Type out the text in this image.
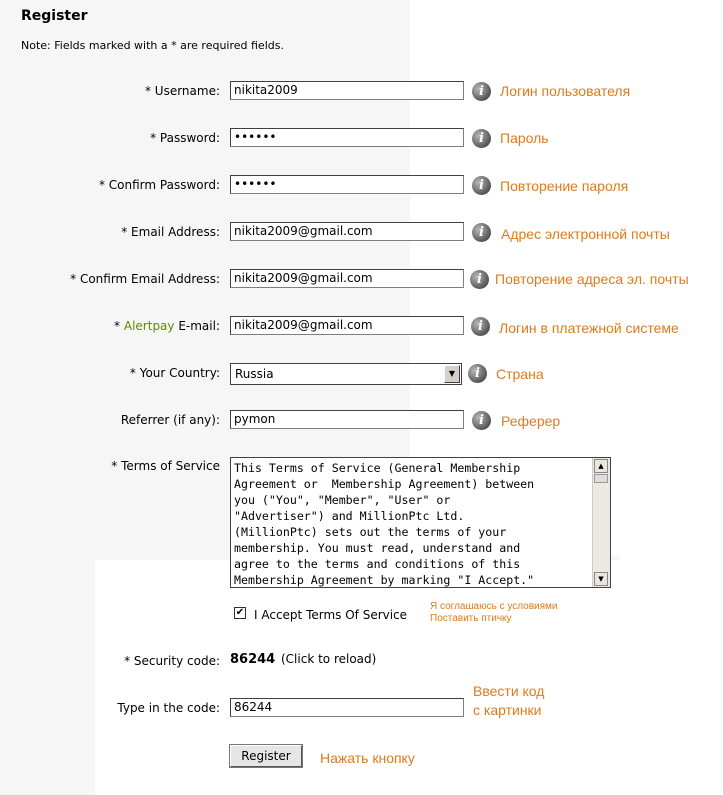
Register
Note: Fields marked with a * are required fields.
* Username:	nikita2009	i	Логин пользователя
* Password:	••••••	i	Пароль
* Confirm Password:	••••••	i	Повторение пароля
* Email Address:	nikita2009@gmail.com	i	Адрес электронной почты
* Confirm Email Address:	nikita2009@gmail.com	i Повторение адреса эл. почты
* Alertpay E-mail:	nikita2009@gmail.com	i	Логин в платежной системе
* Your Country: Russia	▼	i	Страна
Referrer (if any):	pymon	i	Реферер
* Terms of Service This Terms of Service (General Membership
Agreement or  Membership Agreement) between
you ("You", "Member", "User" or
"Advertiser") and MillionPtc Ltd.
(MillionPtc) sets out the terms of your
membership. You must read, understand and
agree to the terms and conditions of this
Membership Agreement by marking "I Accept."
▲
▼
✔ I Accept Terms Of Service
Я соглашаюсь с условиями
Поставить птичку
* Security code: 86244 (Click to reload)
Type in the code:	86244
Ввести код
с картинки
Register	Нажать кнопку
